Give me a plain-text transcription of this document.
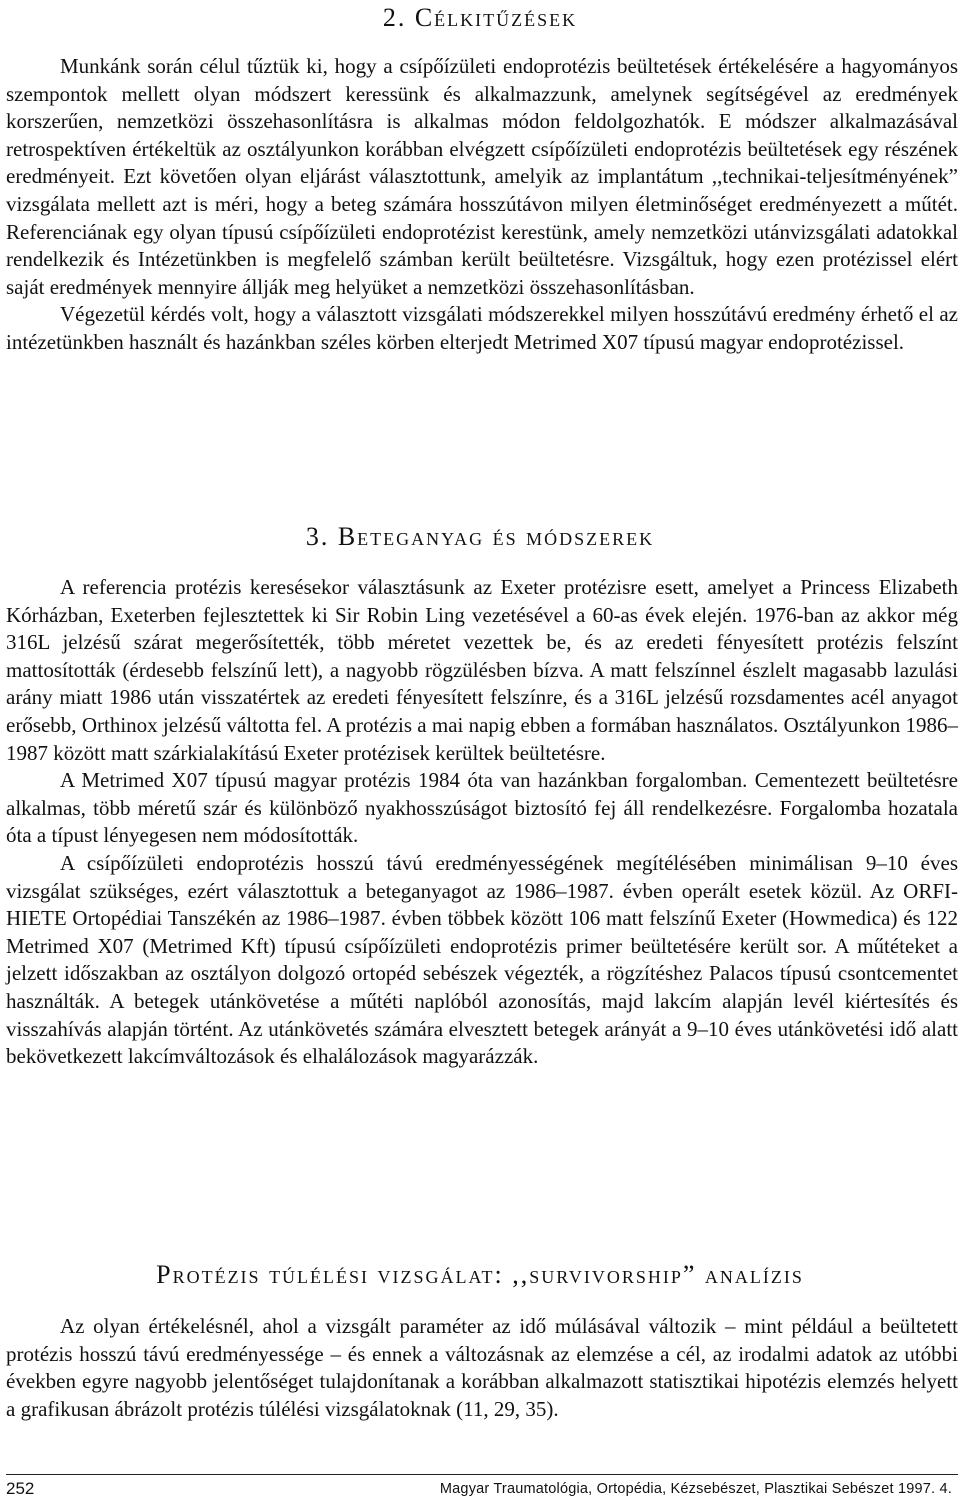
2. Célkitűzések

Munkánk során célul tűztük ki, hogy a csípőízületi endoprotézis beültetések értékelésére a hagyományos szempontok mellett olyan módszert keressünk és alkalmazzunk, amelynek segítségével az eredmények korszerűen, nemzetközi összehasonlításra is alkalmas módon feldolgozhatók. E módszer alkalmazásával retrospektíven értékeltük az osztályunkon korábban elvégzett csípőízületi endoprotézis beültetések egy részének eredményeit. Ezt követően olyan eljárást választottunk, amelyik az implantátum ,,technikai-teljesítményének” vizsgálata mellett azt is méri, hogy a beteg számára hosszútávon milyen életminőséget eredményezett a műtét. Referenciának egy olyan típusú csípőízületi endoprotézist kerestünk, amely nemzetközi utánvizsgálati adatokkal rendelkezik és Intézetünkben is megfelelő számban került beültetésre. Vizsgáltuk, hogy ezen protézissel elért saját eredmények mennyire állják meg helyüket a nemzetközi összehasonlításban.

Végezetül kérdés volt, hogy a választott vizsgálati módszerekkel milyen hosszútávú eredmény érhető el az intézetünkben használt és hazánkban széles körben elterjedt Metrimed X07 típusú magyar endoprotézissel.

3. Beteganyag és módszerek

A referencia protézis keresésekor választásunk az Exeter protézisre esett, amelyet a Princess Elizabeth Kórházban, Exeterben fejlesztettek ki Sir Robin Ling vezetésével a 60-as évek elején. 1976-ban az akkor még 316L jelzésű szárat megerősítették, több méretet vezettek be, és az eredeti fényesített protézis felszínt mattosították (érdesebb felszínű lett), a nagyobb rögzülésben bízva. A matt felszínnel észlelt magasabb lazulási arány miatt 1986 után visszatértek az eredeti fényesített felszínre, és a 316L jelzésű rozsdamentes acél anyagot erősebb, Orthinox jelzésű váltotta fel. A protézis a mai napig ebben a formában használatos. Osztályunkon 1986–1987 között matt szárkialakítású Exeter protézisek kerültek beültetésre.

A Metrimed X07 típusú magyar protézis 1984 óta van hazánkban forgalomban. Cementezett beültetésre alkalmas, több méretű szár és különböző nyakhosszúságot biztosító fej áll rendelkezésre. Forgalomba hozatala óta a típust lényegesen nem módosították.

A csípőízületi endoprotézis hosszú távú eredményességének megítélésében minimálisan 9–10 éves vizsgálat szükséges, ezért választottuk a beteganyagot az 1986–1987. évben operált esetek közül. Az ORFI-HIETE Ortopédiai Tanszékén az 1986–1987. évben többek között 106 matt felszínű Exeter (Howmedica) és 122 Metrimed X07 (Metrimed Kft) típusú csípőízületi endoprotézis primer beültetésére került sor. A műtéteket a jelzett időszakban az osztályon dolgozó ortopéd sebészek végezték, a rögzítéshez Palacos típusú csontcementet használták. A betegek utánkövetése a műtéti naplóból azonosítás, majd lakcím alapján levél kiértesítés és visszahívás alapján történt. Az utánkövetés számára elvesztett betegek arányát a 9–10 éves utánkövetési idő alatt bekövetkezett lakcímváltozások és elhalálozások magyarázzák.

Protézis túlélési vizsgálat: ,,survivorship” analízis

Az olyan értékelésnél, ahol a vizsgált paraméter az idő múlásával változik – mint például a beültetett protézis hosszú távú eredményessége – és ennek a változásnak az elemzése a cél, az irodalmi adatok az utóbbi években egyre nagyobb jelentőséget tulajdonítanak a korábban alkalmazott statisztikai hipotézis elemzés helyett a grafikusan ábrázolt protézis túlélési vizsgálatoknak (11, 29, 35).

252	Magyar Traumatológia, Ortopédia, Kézsebészet, Plasztikai Sebészet 1997. 4.
